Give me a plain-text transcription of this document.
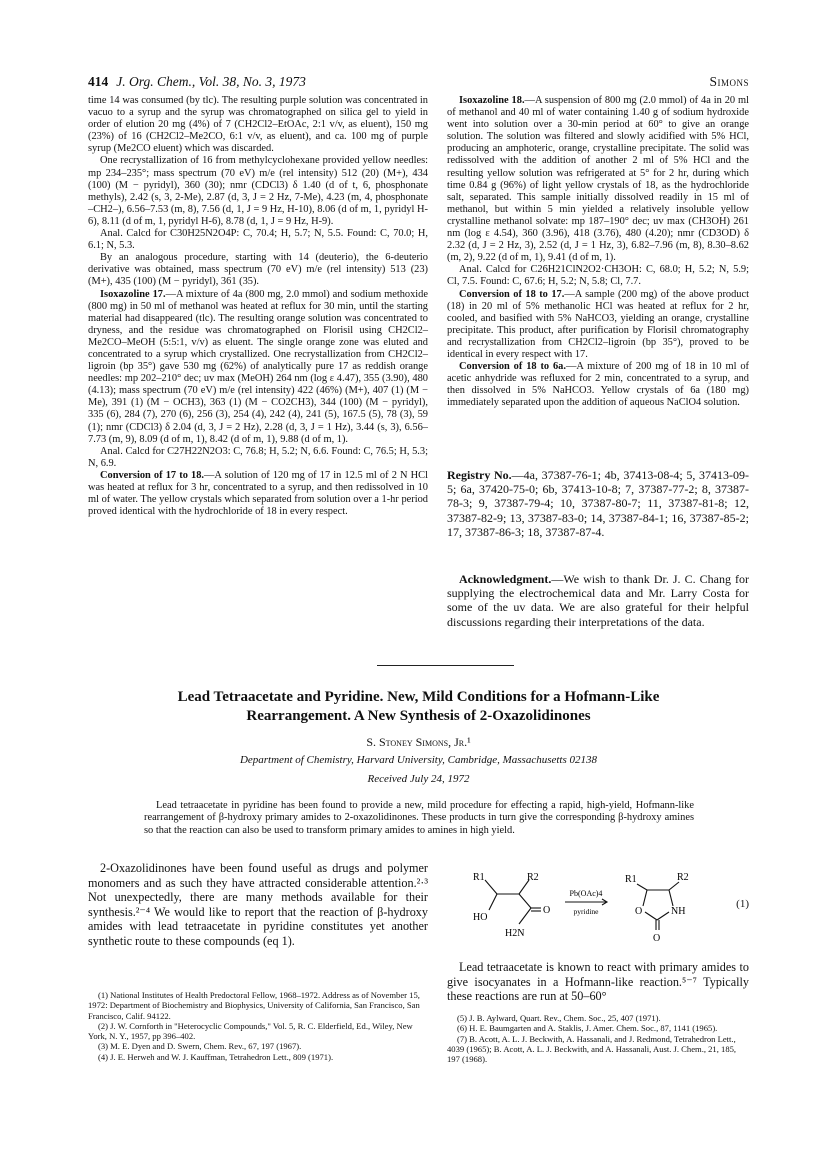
414 J. Org. Chem., Vol. 38, No. 3, 1973	Simons

time 14 was consumed (by tlc). The resulting purple solution was concentrated in vacuo to a syrup and the syrup was chromatographed on silica gel to yield in order of elution 20 mg (4%) of 7 (CH2Cl2–EtOAc, 2:1 v/v, as eluent), 150 mg (23%) of 16 (CH2Cl2–Me2CO, 6:1 v/v, as eluent), and ca. 100 mg of purple syrup (Me2CO eluent) which was discarded.

One recrystallization of 16 from methylcyclohexane provided yellow needles: mp 234–235°; mass spectrum (70 eV) m/e (rel intensity) 512 (20) (M+), 434 (100) (M − pyridyl), 360 (30); nmr (CDCl3) δ 1.40 (d of t, 6, phosphonate methyls), 2.42 (s, 3, 2-Me), 2.87 (d, 3, J = 2 Hz, 7-Me), 4.23 (m, 4, phosphonate –CH2–), 6.56–7.53 (m, 8), 7.56 (d, 1, J = 9 Hz, H-10), 8.06 (d of m, 1, pyridyl H-6), 8.11 (d of m, 1, pyridyl H-6), 8.78 (d, 1, J = 9 Hz, H-9).

Anal. Calcd for C30H25N2O4P: C, 70.4; H, 5.7; N, 5.5. Found: C, 70.0; H, 6.1; N, 5.3.

By an analogous procedure, starting with 14 (deuterio), the 6-deuterio derivative was obtained, mass spectrum (70 eV) m/e (rel intensity) 513 (23) (M+), 435 (100) (M − pyridyl), 361 (35).

Isoxazoline 17.—A mixture of 4a (800 mg, 2.0 mmol) and sodium methoxide (800 mg) in 50 ml of methanol was heated at reflux for 30 min, until the starting material had disappeared (tlc). The resulting orange solution was concentrated to dryness, and the residue was chromatographed on Florisil using CH2Cl2–Me2CO–MeOH (5:5:1, v/v) as eluent. The single orange zone was eluted and concentrated to a syrup which crystallized. One recrystallization from CH2Cl2–ligroin (bp 35°) gave 530 mg (62%) of analytically pure 17 as reddish orange needles: mp 202–210° dec; uv max (MeOH) 264 nm (log ε 4.47), 355 (3.90), 480 (4.13); mass spectrum (70 eV) m/e (rel intensity) 422 (46%) (M+), 407 (1) (M − Me), 391 (1) (M − OCH3), 363 (1) (M − CO2CH3), 344 (100) (M − pyridyl), 335 (6), 284 (7), 270 (6), 256 (3), 254 (4), 242 (4), 241 (5), 167.5 (5), 78 (3), 59 (1); nmr (CDCl3) δ 2.04 (d, 3, J = 2 Hz), 2.28 (d, 3, J = 1 Hz), 3.44 (s, 3), 6.56–7.73 (m, 9), 8.09 (d of m, 1), 8.42 (d of m, 1), 9.88 (d of m, 1).

Anal. Calcd for C27H22N2O3: C, 76.8; H, 5.2; N, 6.6. Found: C, 76.5; H, 5.3; N, 6.9.

Conversion of 17 to 18.—A solution of 120 mg of 17 in 12.5 ml of 2 N HCl was heated at reflux for 3 hr, concentrated to a syrup, and then redissolved in 10 ml of water. The yellow crystals which separated from solution over a 1-hr period proved identical with the hydrochloride of 18 in every respect.

Isoxazoline 18.—A suspension of 800 mg (2.0 mmol) of 4a in 20 ml of methanol and 40 ml of water containing 1.40 g of sodium hydroxide went into solution over a 30-min period at 60° to give an orange solution. The solution was filtered and slowly acidified with 5% HCl, producing an amphoteric, orange, crystalline precipitate. The solid was redissolved with the addition of another 2 ml of 5% HCl and the resulting yellow solution was refrigerated at 5° for 2 hr, during which time 0.84 g (96%) of light yellow crystals of 18, as the hydrochloride salt, separated. This sample initially dissolved readily in 15 ml of methanol, but within 5 min yielded a relatively insoluble yellow crystalline methanol solvate: mp 187–190° dec; uv max (CH3OH) 261 nm (log ε 4.54), 360 (3.96), 418 (3.76), 480 (4.20); nmr (CD3OD) δ 2.32 (d, J = 2 Hz, 3), 2.52 (d, J = 1 Hz, 3), 6.82–7.96 (m, 8), 8.30–8.62 (m, 2), 9.22 (d of m, 1), 9.41 (d of m, 1).

Anal. Calcd for C26H21ClN2O2·CH3OH: C, 68.0; H, 5.2; N, 5.9; Cl, 7.5. Found: C, 67.6; H, 5.2; N, 5.8; Cl, 7.7.

Conversion of 18 to 17.—A sample (200 mg) of the above product (18) in 20 ml of 5% methanolic HCl was heated at reflux for 2 hr, cooled, and basified with 5% NaHCO3, yielding an orange, crystalline precipitate. This product, after purification by Florisil chromatography and recrystallization from CH2Cl2–ligroin (bp 35°), proved to be identical in every respect with 17.

Conversion of 18 to 6a.—A mixture of 200 mg of 18 in 10 ml of acetic anhydride was refluxed for 2 min, concentrated to a syrup, and then dissolved in 5% NaHCO3. Yellow crystals of 6a (180 mg) immediately separated upon the addition of aqueous NaClO4 solution.

Registry No.—4a, 37387-76-1; 4b, 37413-08-4; 5, 37413-09-5; 6a, 37420-75-0; 6b, 37413-10-8; 7, 37387-77-2; 8, 37387-78-3; 9, 37387-79-4; 10, 37387-80-7; 11, 37387-81-8; 12, 37387-82-9; 13, 37387-83-0; 14, 37387-84-1; 16, 37387-85-2; 17, 37387-86-3; 18, 37387-87-4.
Acknowledgment.—We wish to thank Dr. J. C. Chang for supplying the electrochemical data and Mr. Larry Costa for some of the uv data. We are also grateful for their helpful discussions regarding their interpretations of the data.
Lead Tetraacetate and Pyridine. New, Mild Conditions for a Hofmann-Like
Rearrangement. A New Synthesis of 2-Oxazolidinones
S. Stoney Simons, Jr.¹
Department of Chemistry, Harvard University, Cambridge, Massachusetts 02138
Received July 24, 1972
Lead tetraacetate in pyridine has been found to provide a new, mild procedure for effecting a rapid, high-yield, Hofmann-like rearrangement of β-hydroxy primary amides to 2-oxazolidinones. These products in turn give the corresponding β-hydroxy amines so that the reaction can also be used to transform primary amides to amines in high yield.
2-Oxazolidinones have been found useful as drugs and polymer monomers and as such they have attracted considerable attention.²·³ Not unexpectedly, there are many methods available for their synthesis.²⁻⁴ We would like to report that the reaction of β-hydroxy amides with lead tetraacetate in pyridine constitutes yet another synthetic route to these compounds (eq 1).
R1	R2
HO
O
H2N
Pb(OAc)4
pyridine
R1	R2
O	NH
O
(1)
Lead tetraacetate is known to react with primary amides to give isocyanates in a Hofmann-like reaction.⁵⁻⁷ Typically these reactions are run at 50–60°
(1) National Institutes of Health Predoctoral Fellow, 1968–1972. Address as of November 15, 1972: Department of Biochemistry and Biophysics, University of California, San Francisco, San Francisco, Calif. 94122.
(2) J. W. Cornforth in "Heterocyclic Compounds," Vol. 5, R. C. Elderfield, Ed., Wiley, New York, N. Y., 1957, pp 396–402.
(3) M. E. Dyen and D. Swern, Chem. Rev., 67, 197 (1967).
(4) J. E. Herweh and W. J. Kauffman, Tetrahedron Lett., 809 (1971).
(5) J. B. Aylward, Quart. Rev., Chem. Soc., 25, 407 (1971).
(6) H. E. Baumgarten and A. Staklis, J. Amer. Chem. Soc., 87, 1141 (1965).
(7) B. Acott, A. L. J. Beckwith, A. Hassanali, and J. Redmond, Tetrahedron Lett., 4039 (1965); B. Acott, A. L. J. Beckwith, and A. Hassanali, Aust. J. Chem., 21, 185, 197 (1968).
